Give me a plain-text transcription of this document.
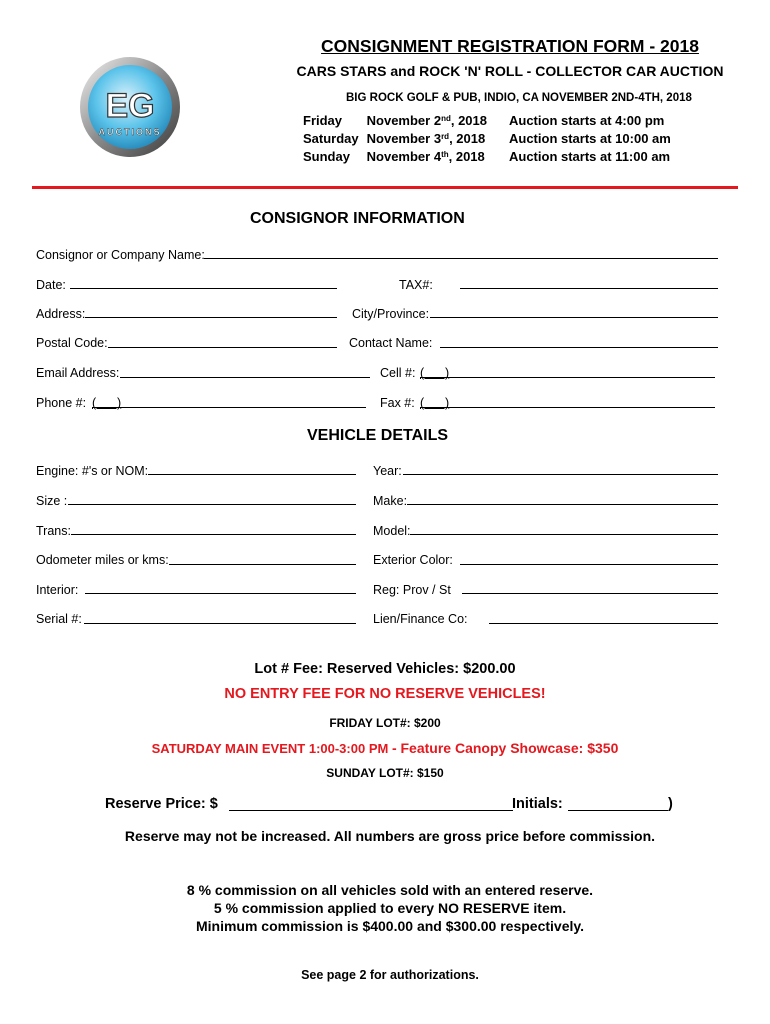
EG
AUCTIONS
CONSIGNMENT REGISTRATION FORM - 2018
CARS STARS and ROCK 'N' ROLL - COLLECTOR CAR AUCTION
BIG ROCK GOLF & PUB, INDIO, CA NOVEMBER 2ND-4TH, 2018
Friday	November 2nd, 2018	Auction starts at 4:00 pm
Saturday	November 3rd, 2018	Auction starts at 10:00 am
Sunday	November 4th, 2018	Auction starts at 11:00 am
CONSIGNOR INFORMATION
Consignor or Company Name:
Date:	TAX#:
Address:	City/Province:
Postal Code:	Contact Name:
Email Address:	Cell #: (      )
Phone #: (      )	Fax #: (      )
VEHICLE DETAILS
Engine: #'s or NOM:	Year:
Size :	Make:
Trans:	Model:
Odometer miles or kms:	Exterior Color:
Interior:	Reg: Prov / St
Serial #:	Lien/Finance Co:
Lot # Fee: Reserved Vehicles: $200.00
NO ENTRY FEE FOR NO RESERVE VEHICLES!
FRIDAY LOT#: $200
SATURDAY MAIN EVENT 1:00-3:00 PM - Feature Canopy Showcase: $350
SUNDAY LOT#: $150
Reserve Price: $	Initials:	)
Reserve may not be increased. All numbers are gross price before commission.
8 % commission on all vehicles sold with an entered reserve.
5 % commission applied to every NO RESERVE item.
Minimum commission is $400.00 and $300.00 respectively.
See page 2 for authorizations.
